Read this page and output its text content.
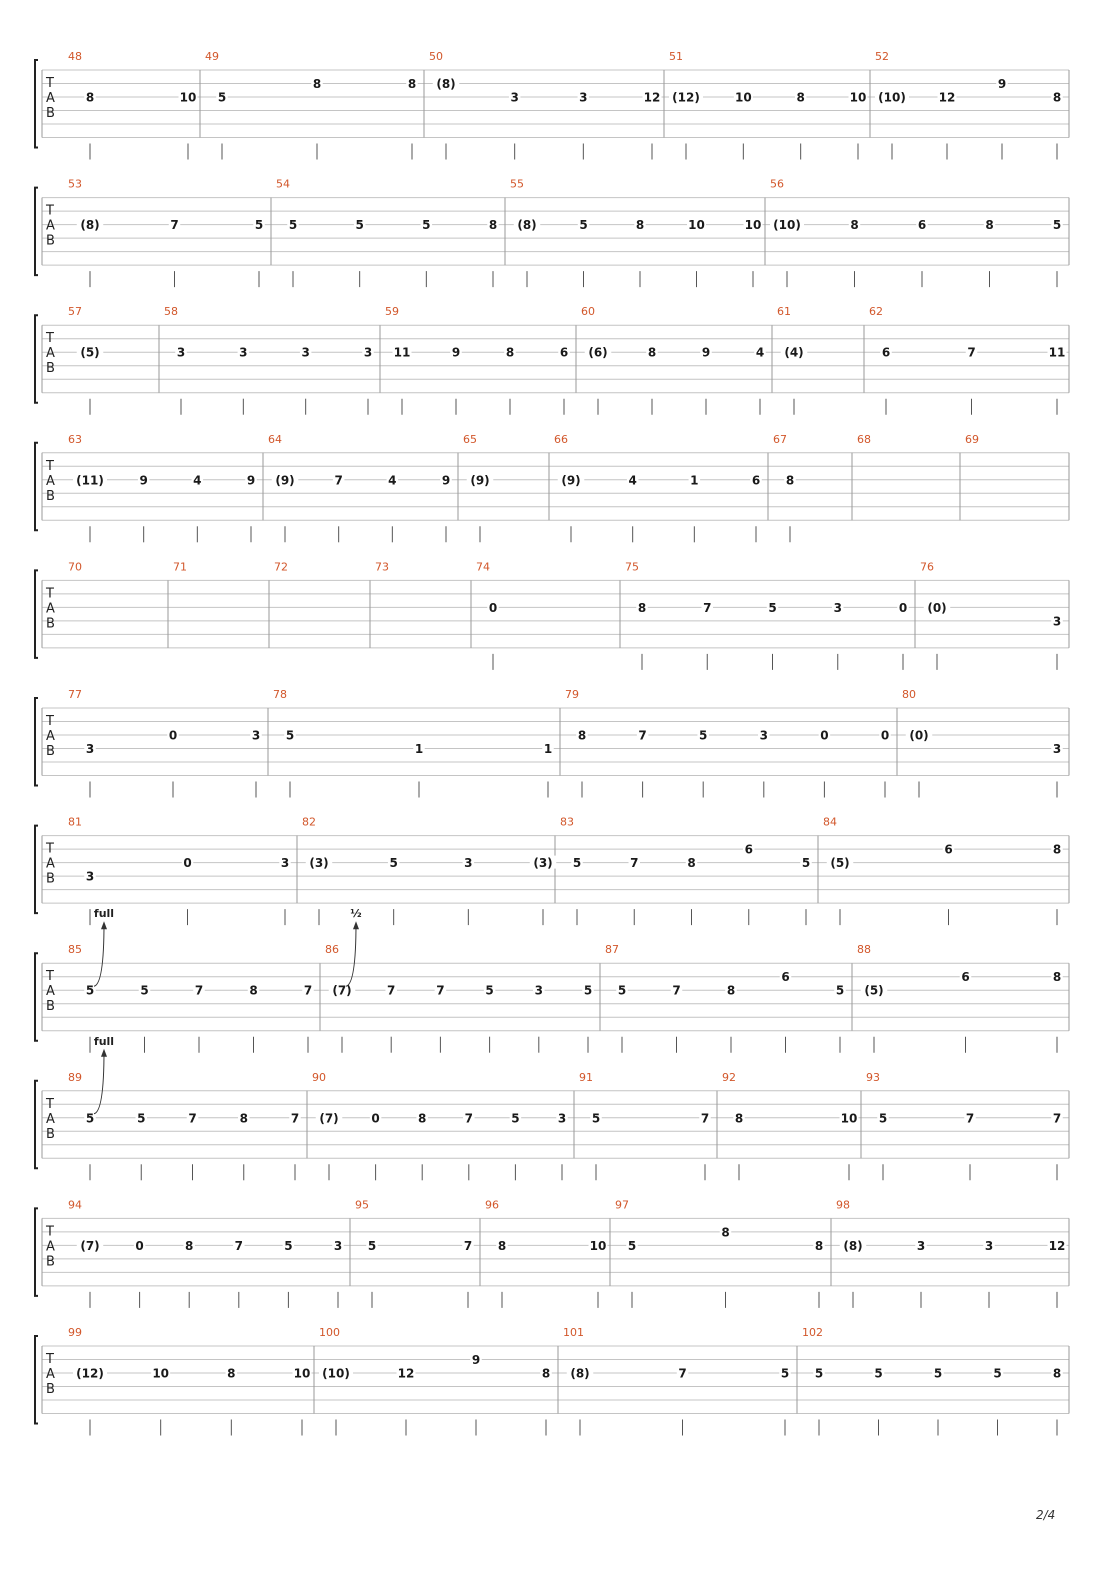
T
A
B
48
8	10
49
5
8	8
50
(8)
3	3	12
51
(12)	10	8	10
52
(10)	12
9
8
T
A
B
53
(8)	7	5
54
5	5	5	8
55
(8)	5	8	10	10
56
(10)	8	6	8	5
T
A
B
57
(5)
58
3	3	3	3
59
11	9	8	6
60
(6)	8	9	4
61
(4)
62
6	7	11
T
A
B
63
(11)	9	4	9
64
(9)	7	4	9
65
(9)
66
(9)	4	1	6
67
8
68	69
T
A
B
70	71	72	73	74
0
75
8	7	5	3	0
76
(0)
3
T
A
B
77
3
0	3
78
5
1	1
79
8	7	5	3	0	0
80
(0)
3
T
A
B
81
3
0	3
82
(3)	5	3	(3)
83
5	7	8
6
5
84
(5)
6	8
T
A
B
85
5	5	7	8	7
full
86
(7)	7	7	5	3	5
½
87
5	7	8
6
5
88
(5)
6	8
T
A
B
89
5	5	7	8	7
full
90
(7)	0	8	7	5	3
91
5	7
92
8	10
93
5	7	7
T
A
B
94
(7)	0	8	7	5	3
95
5	7
96
8	10
97
5
8
8
98
(8)	3	3	12
T
A
B
99
(12)	10	8	10
100
(10)	12
9
8
101
(8)	7	5
102
5	5	5	5	8
2/4
